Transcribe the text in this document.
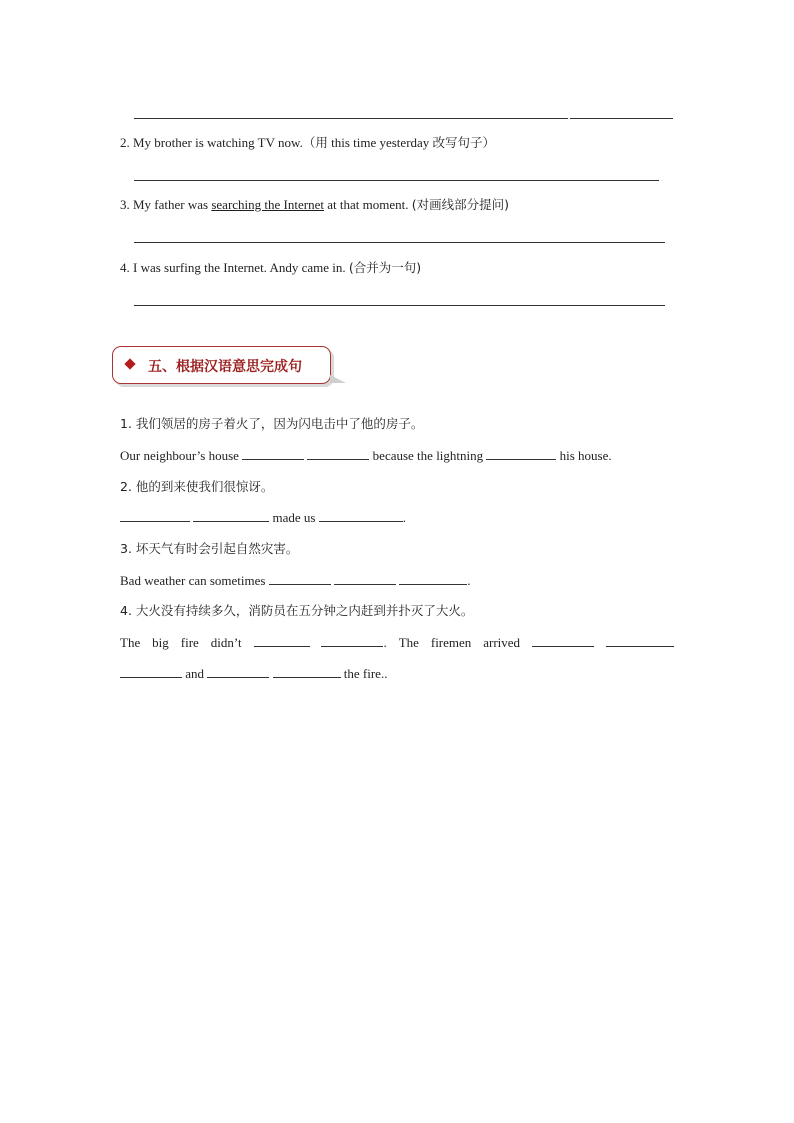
2. My brother is watching TV now.（用 this time yesterday 改写句子）
3. My father was searching the Internet at that moment. (对画线部分提问)
4. I was surfing the Internet. Andy came in. (合并为一句)
五、根据汉语意思完成句
1. 我们领居的房子着火了，因为闪电击中了他的房子。
Our neighbour’s house	because the lightning	his house.
2. 他的到来使我们很惊讶。
made us	.
3. 坏天气有时会引起自然灾害。
Bad weather can sometimes	.
4. 大火没有持续多久，消防员在五分钟之内赶到并扑灭了大火。
The big fire didn’t	. The firemen arrived
and	the fire..
